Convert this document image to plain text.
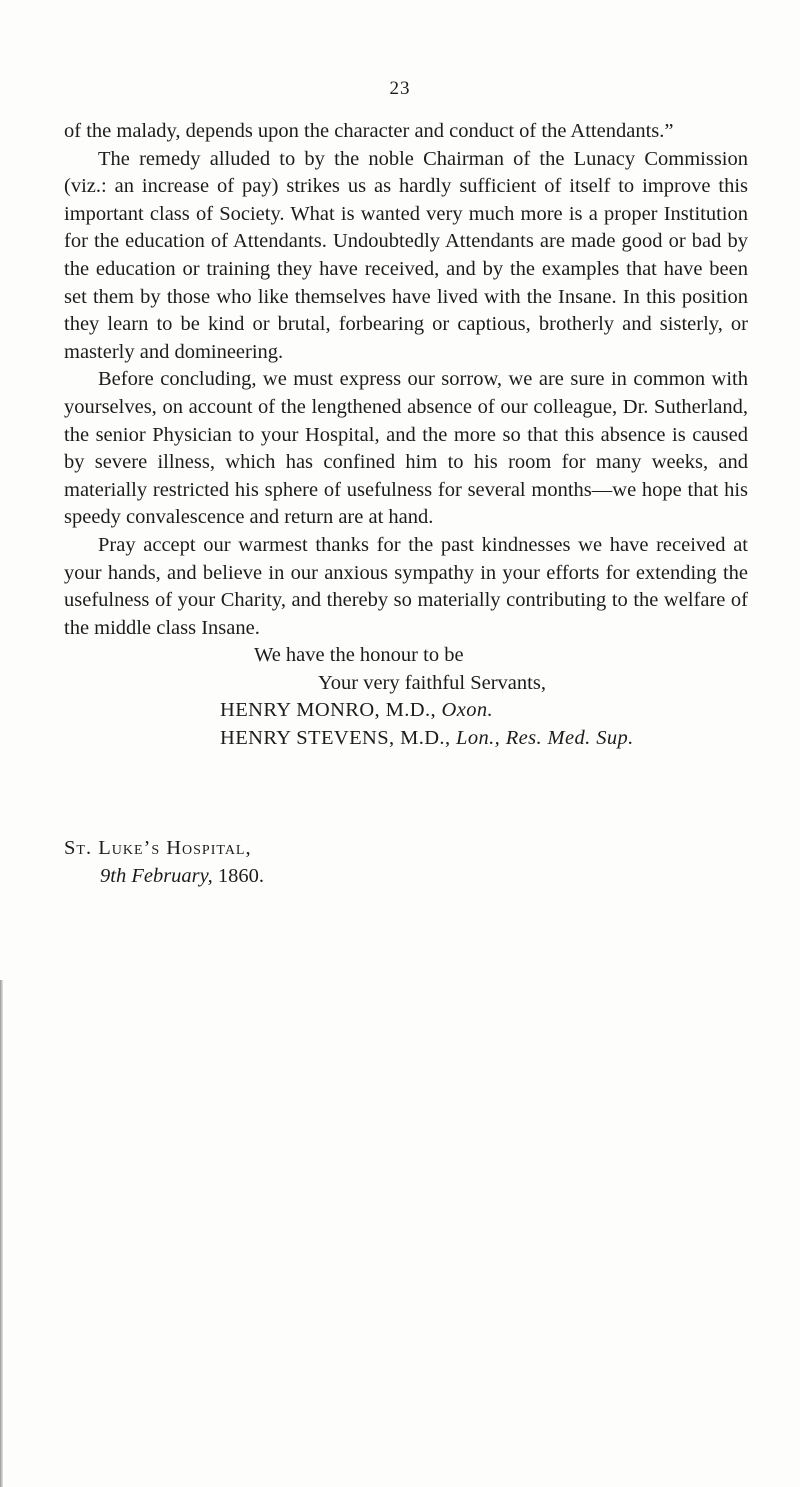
23

of the malady, depends upon the character and conduct of the Attendants.”

The remedy alluded to by the noble Chairman of the Lunacy Commission (viz.: an increase of pay) strikes us as hardly sufficient of itself to improve this important class of Society. What is wanted very much more is a proper Institution for the education of Attendants. Undoubtedly Attendants are made good or bad by the education or training they have received, and by the examples that have been set them by those who like themselves have lived with the Insane. In this position they learn to be kind or brutal, forbearing or captious, brotherly and sisterly, or masterly and domineering.

Before concluding, we must express our sorrow, we are sure in common with yourselves, on account of the lengthened absence of our colleague, Dr. Sutherland, the senior Physician to your Hospital, and the more so that this absence is caused by severe illness, which has confined him to his room for many weeks, and materially restricted his sphere of usefulness for several months—we hope that his speedy convalescence and return are at hand.

Pray accept our warmest thanks for the past kindnesses we have received at your hands, and believe in our anxious sympathy in your efforts for extending the usefulness of your Charity, and thereby so materially contributing to the welfare of the middle class Insane.

We have the honour to be

Your very faithful Servants,

HENRY MONRO, M.D., Oxon.

HENRY STEVENS, M.D., Lon., Res. Med. Sup.

St. Luke’s Hospital,
9th February, 1860.
